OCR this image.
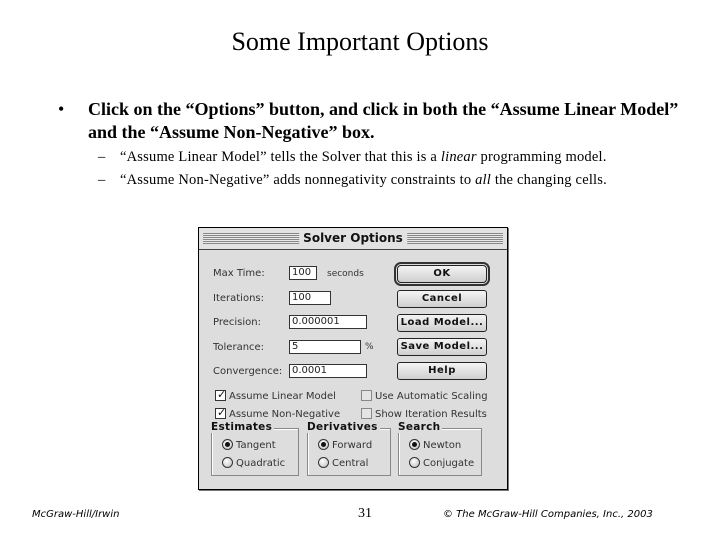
Some Important Options
• Click on the “Options” button, and click in both the “Assume Linear Model” and the “Assume Non-Negative” box.
– “Assume Linear Model” tells the Solver that this is a linear programming model.
– “Assume Non-Negative” adds nonnegativity constraints to all the changing cells.
Solver Options
Max Time:	100	seconds
Iterations:	100
Precision:	0.000001
Tolerance:	5	%
Convergence: 0.0001
OK
Cancel
Load Model...
Save Model...
Help
✓ Assume Linear Model
✓ Assume Non-Negative
Use Automatic Scaling
Show Iteration Results
Estimates
Tangent
Quadratic
Derivatives
Forward
Central
Search
Newton
Conjugate
McGraw-Hill/Irwin	31	© The McGraw-Hill Companies, Inc., 2003
